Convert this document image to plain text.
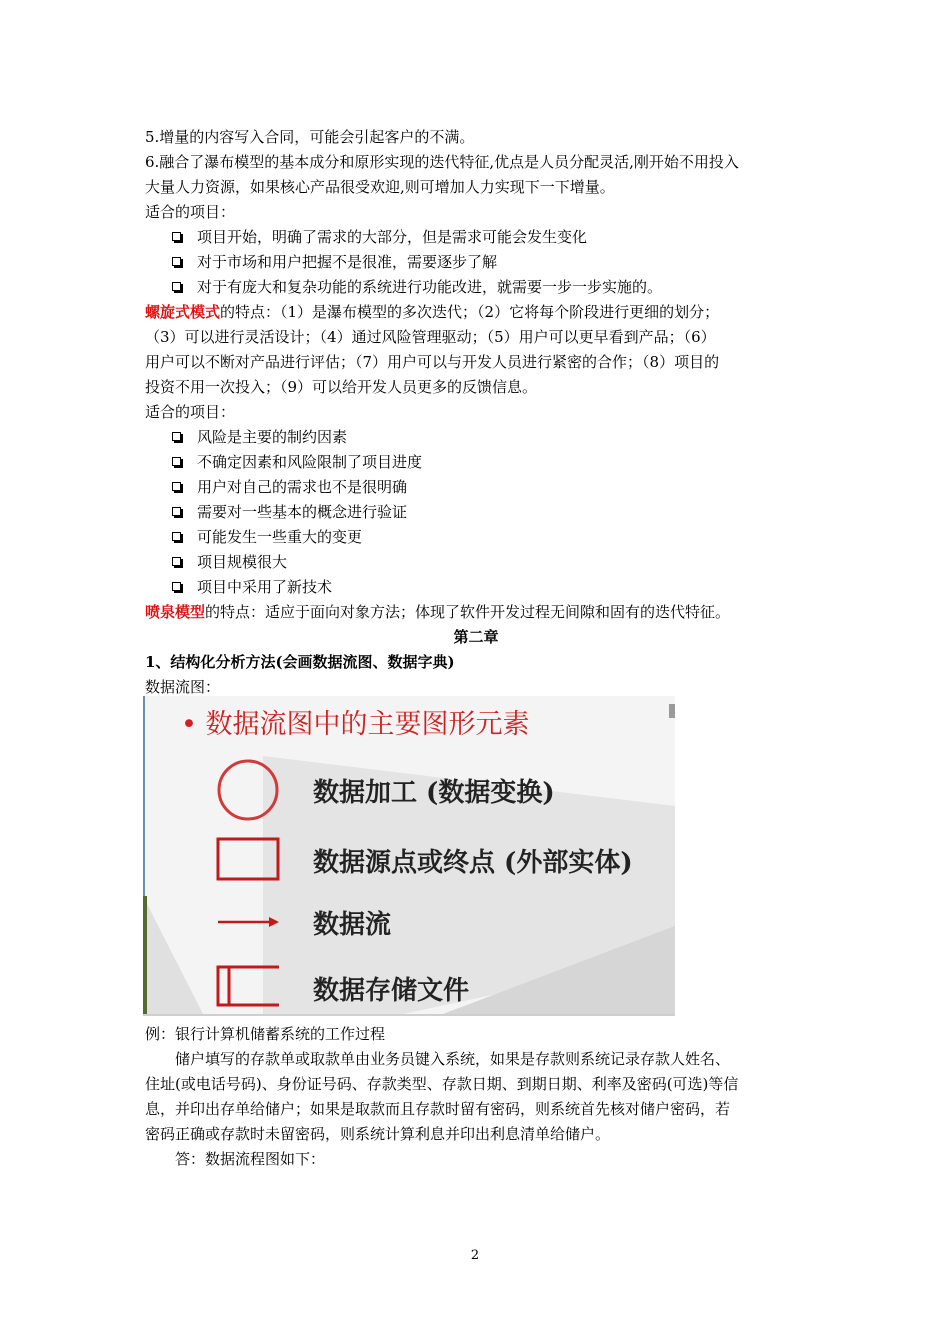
5.增量的内容写入合同，可能会引起客户的不满。
6.融合了瀑布模型的基本成分和原形实现的迭代特征,优点是人员分配灵活,刚开始不用投入
大量人力资源，如果核心产品很受欢迎,则可增加人力实现下一下增量。
适合的项目：
项目开始，明确了需求的大部分，但是需求可能会发生变化
对于市场和用户把握不是很准，需要逐步了解
对于有庞大和复杂功能的系统进行功能改进，就需要一步一步实施的。
螺旋式模式的特点：（1）是瀑布模型的多次迭代；（2）它将每个阶段进行更细的划分；
（3）可以进行灵活设计；（4）通过风险管理驱动；（5）用户可以更早看到产品；（6）
用户可以不断对产品进行评估；（7）用户可以与开发人员进行紧密的合作；（8）项目的
投资不用一次投入；（9）可以给开发人员更多的反馈信息。
适合的项目：
风险是主要的制约因素
不确定因素和风险限制了项目进度
用户对自己的需求也不是很明确
需要对一些基本的概念进行验证
可能发生一些重大的变更
项目规模很大
项目中采用了新技术
喷泉模型的特点：适应于面向对象方法；体现了软件开发过程无间隙和固有的迭代特征。
第二章
1、结构化分析方法(会画数据流图、数据字典)
数据流图：
• 数据流图中的主要图形元素
数据加工 (数据变换)
数据源点或终点 (外部实体)
数据流
数据存储文件
例：银行计算机储蓄系统的工作过程
储户填写的存款单或取款单由业务员键入系统，如果是存款则系统记录存款人姓名、
住址(或电话号码)、身份证号码、存款类型、存款日期、到期日期、利率及密码(可选)等信
息，并印出存单给储户；如果是取款而且存款时留有密码，则系统首先核对储户密码，若
密码正确或存款时未留密码，则系统计算利息并印出利息清单给储户。
答：数据流程图如下：
2
